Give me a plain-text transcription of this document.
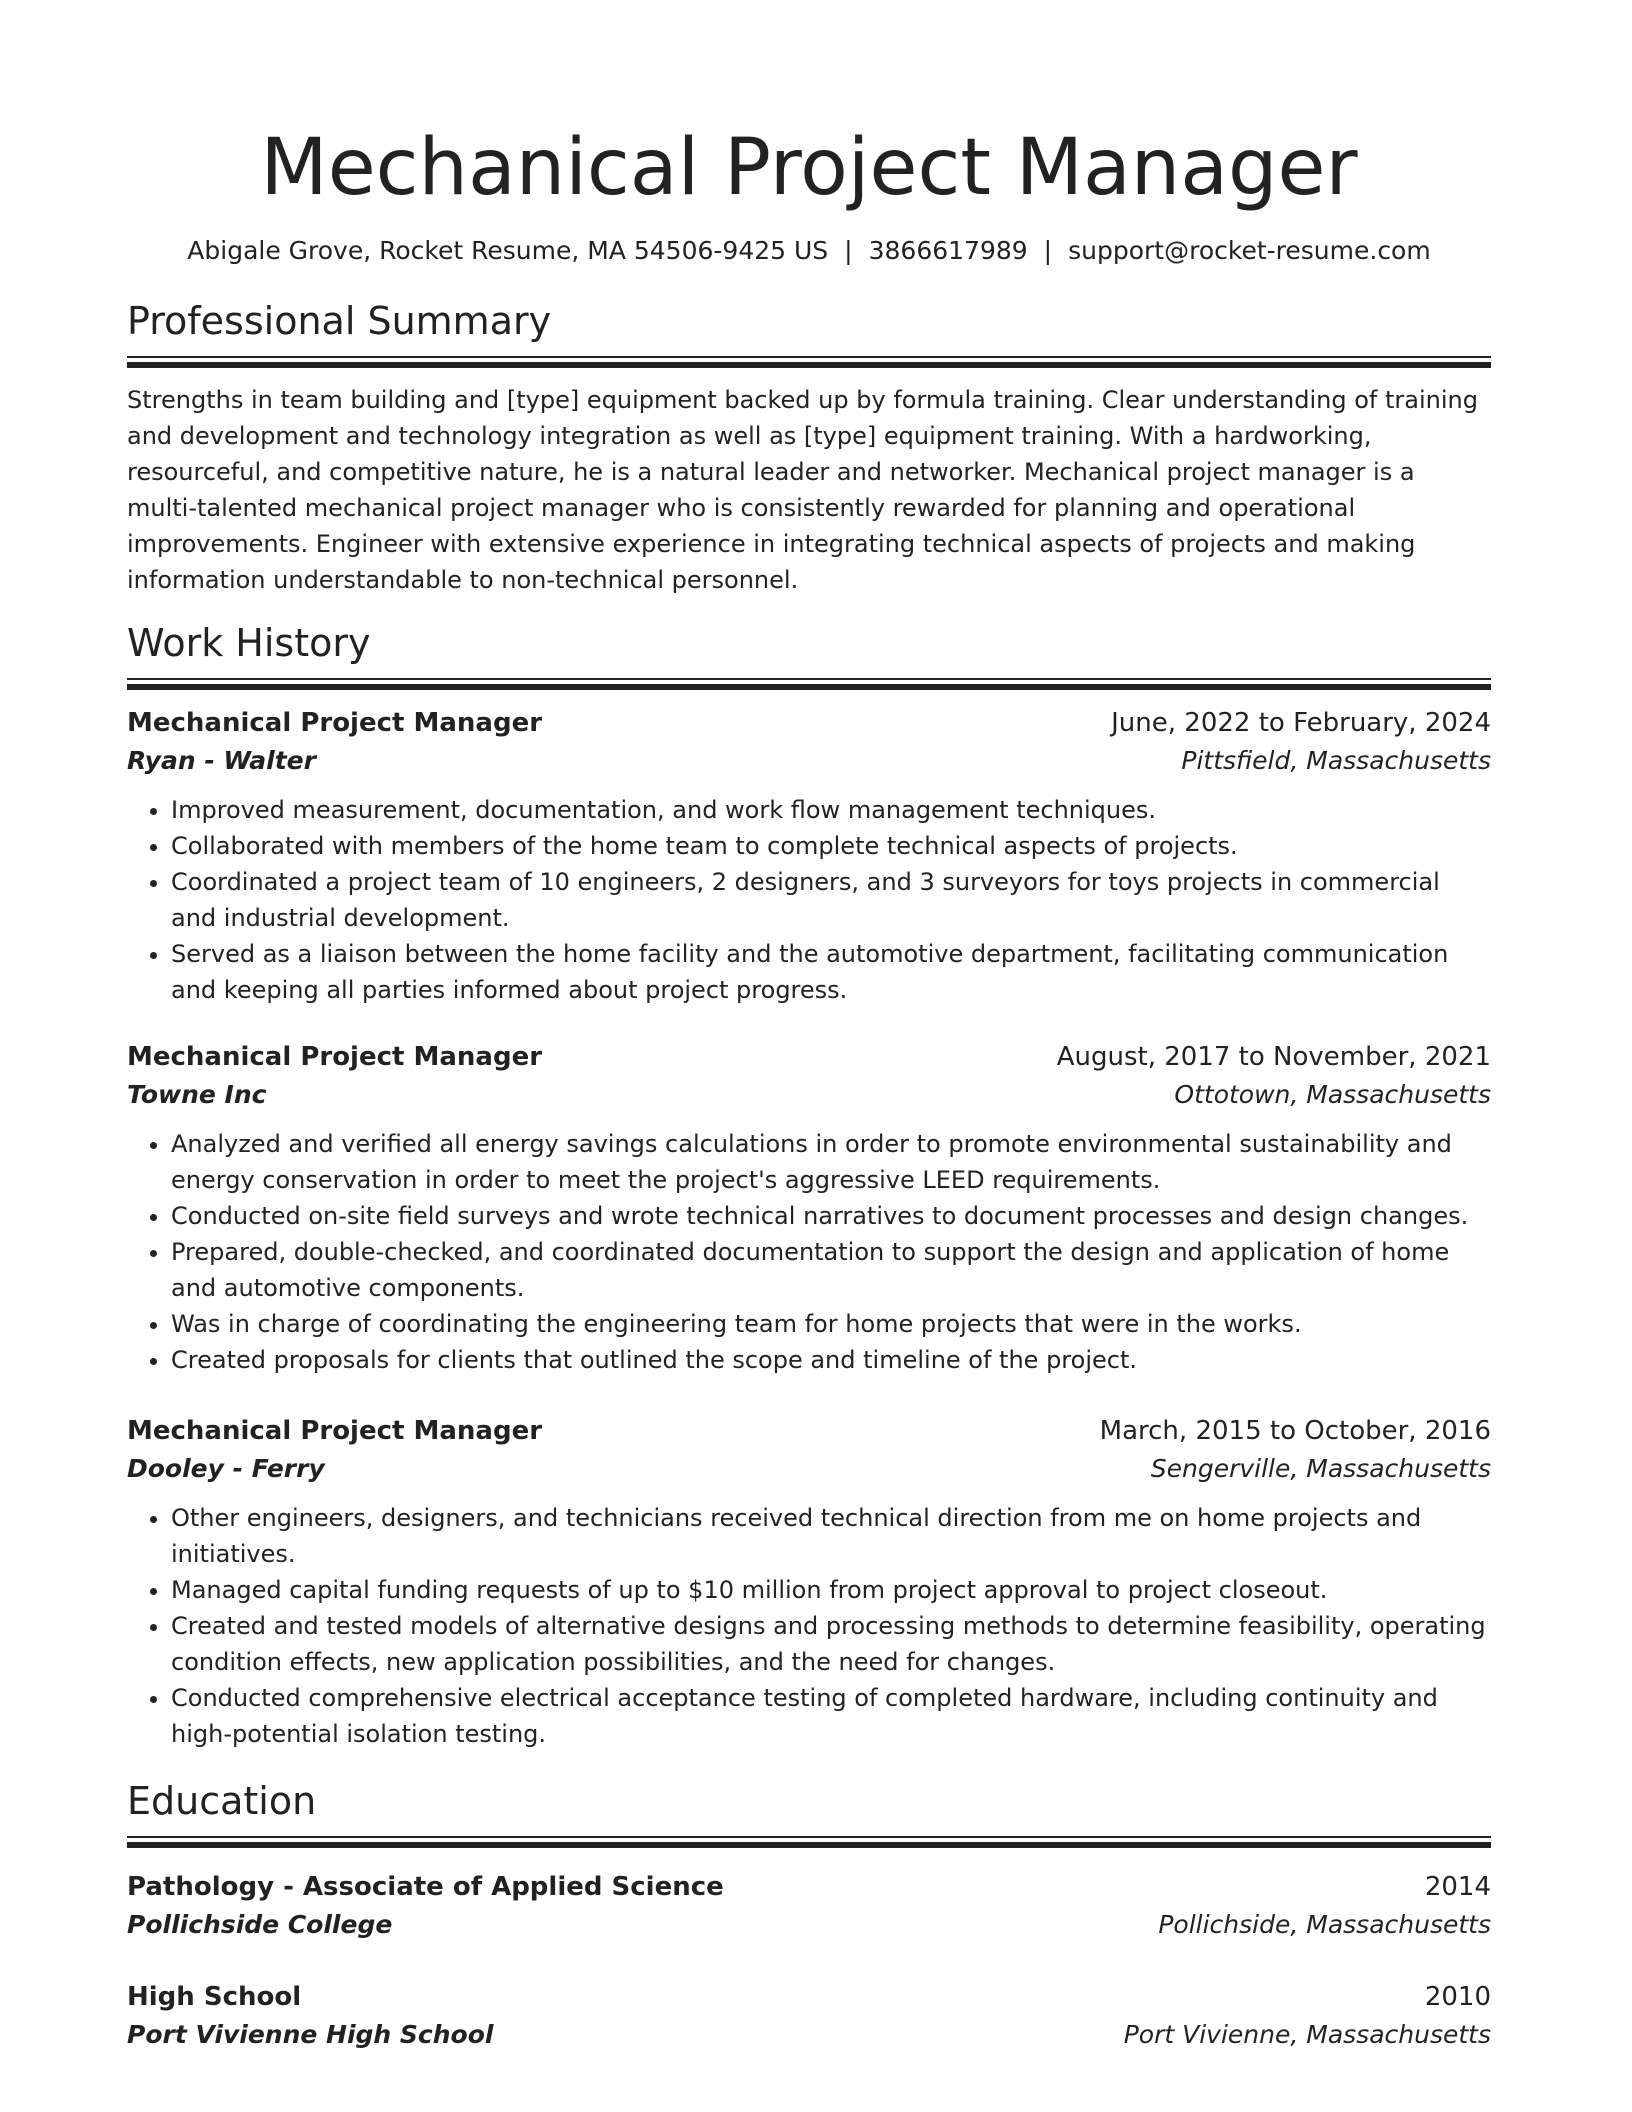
Mechanical Project Manager
Abigale Grove, Rocket Resume, MA 54506-9425 US | 3866617989 | support@rocket-resume.com
Professional Summary

Strengths in team building and [type] equipment backed up by formula training. Clear understanding of training and development and technology integration as well as [type] equipment training. With a hardworking, resourceful, and competitive nature, he is a natural leader and networker. Mechanical project manager is a multi-talented mechanical project manager who is consistently rewarded for planning and operational improvements. Engineer with extensive experience in integrating technical aspects of projects and making information understandable to non-technical personnel.

Work History
Mechanical Project Manager	June, 2022 to February, 2024
Ryan - Walter	Pittsfield, Massachusetts
• Improved measurement, documentation, and work flow management techniques.
• Collaborated with members of the home team to complete technical aspects of projects.
• Coordinated a project team of 10 engineers, 2 designers, and 3 surveyors for toys projects in commercial and industrial development.
• Served as a liaison between the home facility and the automotive department, facilitating communication and keeping all parties informed about project progress.
Mechanical Project Manager	August, 2017 to November, 2021
Towne Inc	Ottotown, Massachusetts
• Analyzed and verified all energy savings calculations in order to promote environmental sustainability and energy conservation in order to meet the project's aggressive LEED requirements.
• Conducted on-site field surveys and wrote technical narratives to document processes and design changes.
• Prepared, double-checked, and coordinated documentation to support the design and application of home and automotive components.
• Was in charge of coordinating the engineering team for home projects that were in the works.
• Created proposals for clients that outlined the scope and timeline of the project.
Mechanical Project Manager	March, 2015 to October, 2016
Dooley - Ferry	Sengerville, Massachusetts
• Other engineers, designers, and technicians received technical direction from me on home projects and initiatives.
• Managed capital funding requests of up to $10 million from project approval to project closeout.
• Created and tested models of alternative designs and processing methods to determine feasibility, operating condition effects, new application possibilities, and the need for changes.
• Conducted comprehensive electrical acceptance testing of completed hardware, including continuity and high-potential isolation testing.
Education
Pathology - Associate of Applied Science	2014
Pollichside College	Pollichside, Massachusetts
High School	2010
Port Vivienne High School	Port Vivienne, Massachusetts
